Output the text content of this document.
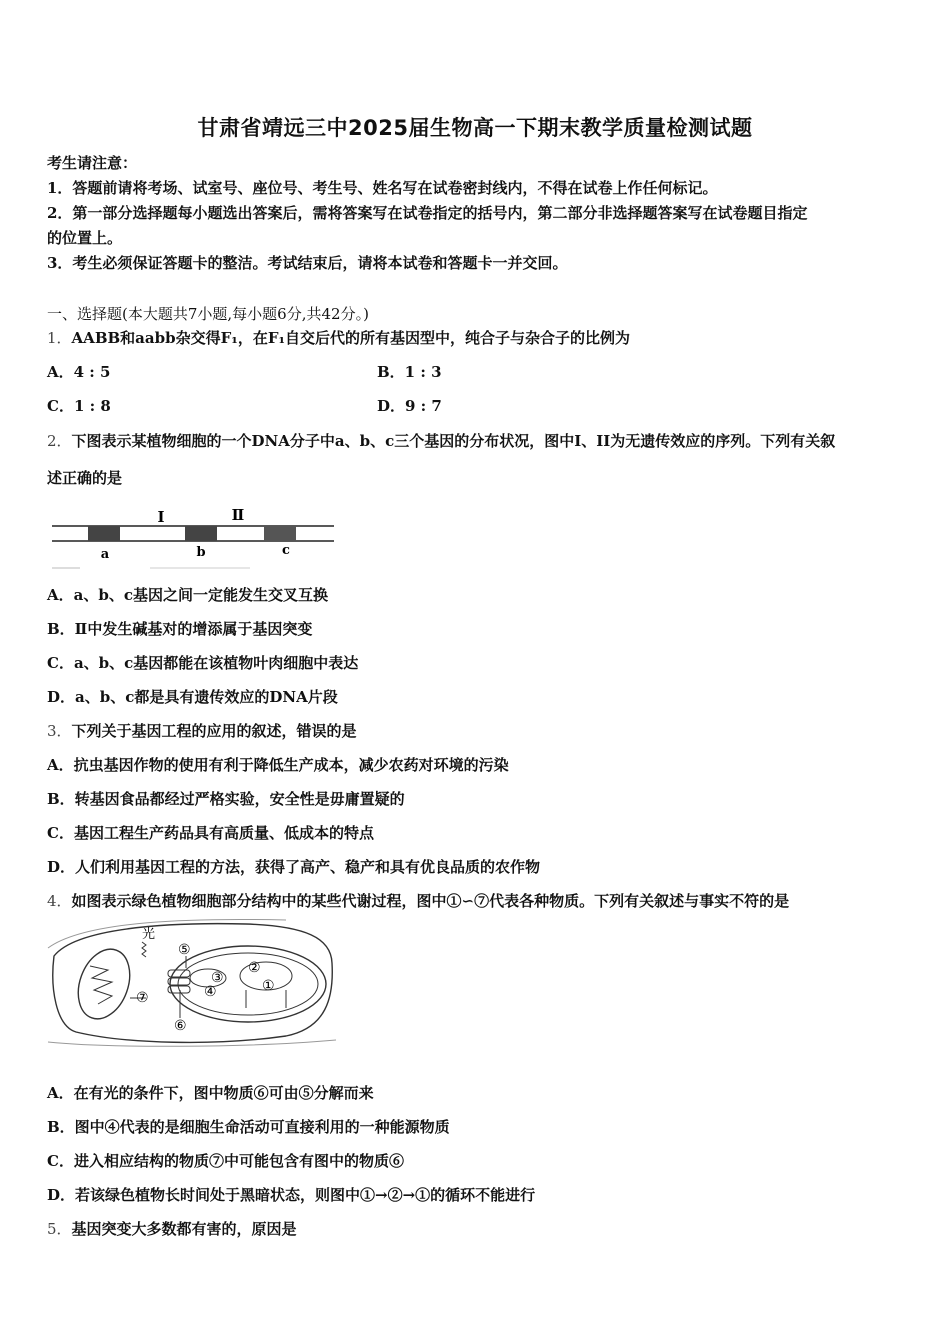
甘肃省靖远三中2025届生物高一下期末教学质量检测试题
考生请注意：
1．答题前请将考场、试室号、座位号、考生号、姓名写在试卷密封线内，不得在试卷上作任何标记。
2．第一部分选择题每小题选出答案后，需将答案写在试卷指定的括号内，第二部分非选择题答案写在试卷题目指定
的位置上。
3．考生必须保证答题卡的整洁。考试结束后，请将本试卷和答题卡一并交回。
一、选择题(本大题共7小题,每小题6分,共42分。)
1．AABB和aabb杂交得F₁，在F₁自交后代的所有基因型中，纯合子与杂合子的比例为
A．4 : 5	B．1 : 3
C．1 : 8	D．9 : 7
2．下图表示某植物细胞的一个DNA分子中a、b、c三个基因的分布状况，图中I、II为无遗传效应的序列。下列有关叙
述正确的是
I	Ⅱ
a	b	c
A．a、b、c基因之间一定能发生交叉互换
B．Ⅱ中发生碱基对的增添属于基因突变
C．a、b、c基因都能在该植物叶肉细胞中表达
D．a、b、c都是具有遗传效应的DNA片段
3．下列关于基因工程的应用的叙述，错误的是
A．抗虫基因作物的使用有利于降低生产成本，减少农药对环境的污染
B．转基因食品都经过严格实验，安全性是毋庸置疑的
C．基因工程生产药品具有高质量、低成本的特点
D．人们利用基因工程的方法，获得了高产、稳产和具有优良品质的农作物
4．如图表示绿色植物细胞部分结构中的某些代谢过程，图中①∽⑦代表各种物质。下列有关叙述与事实不符的是
光
⑤
③
④
②
①
⑦
⑥
A．在有光的条件下，图中物质⑥可由⑤分解而来
B．图中④代表的是细胞生命活动可直接利用的一种能源物质
C．进入相应结构的物质⑦中可能包含有图中的物质⑥
D．若该绿色植物长时间处于黑暗状态，则图中①→②→①的循环不能进行
5．基因突变大多数都有害的，原因是
